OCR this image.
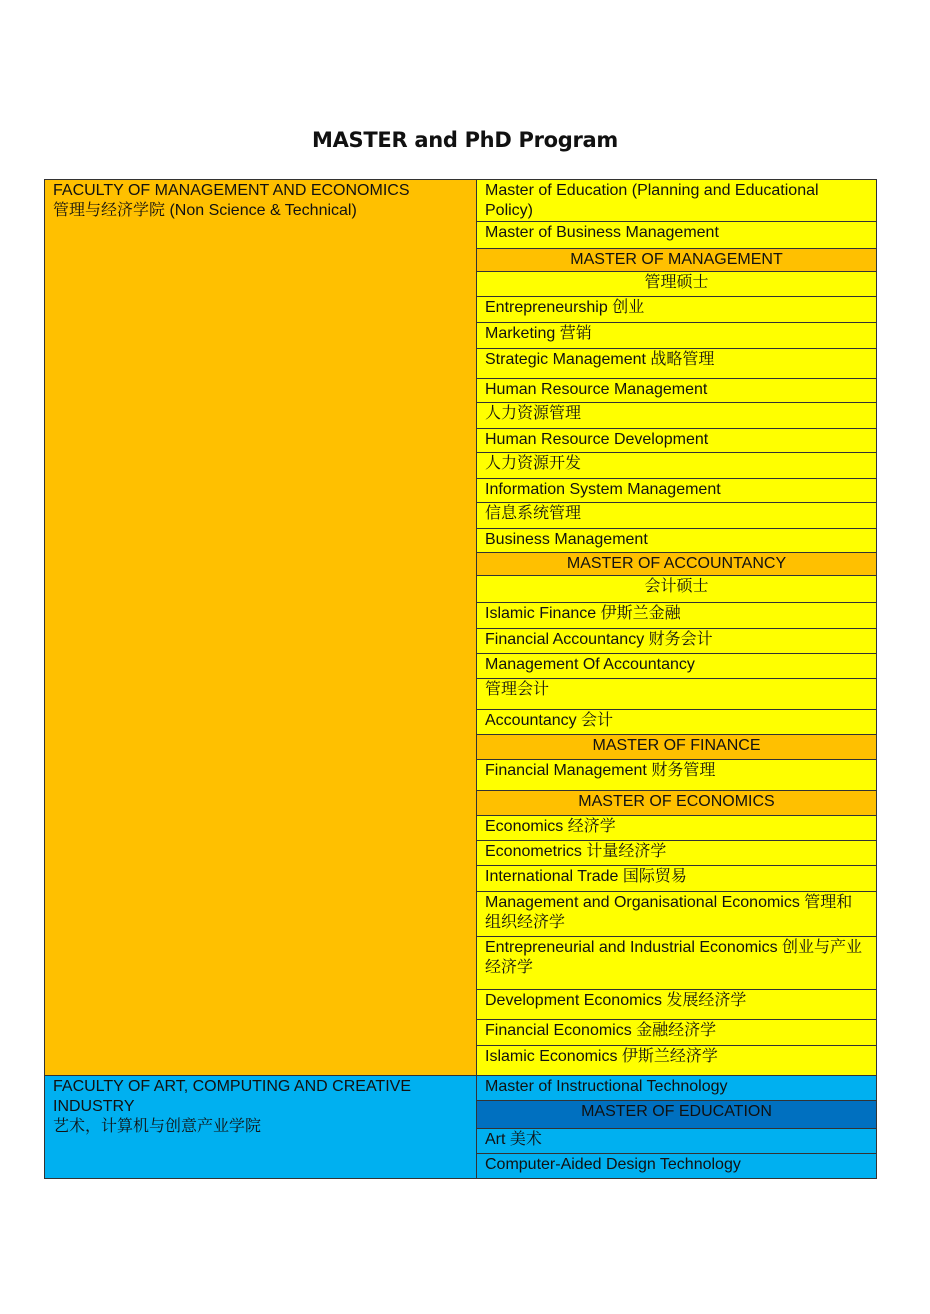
MASTER and PhD Program
FACULTY OF MANAGEMENT AND ECONOMICS
管理与经济学院 (Non Science & Technical)	Master of Education (Planning and Educational Policy)
	Master of Business Management
	MASTER OF MANAGEMENT
	管理硕士
	Entrepreneurship 创业
	Marketing 营销
	Strategic Management 战略管理
	Human Resource Management
	人力资源管理
	Human Resource Development
	人力资源开发
	Information System Management
	信息系统管理
	Business Management
	MASTER OF ACCOUNTANCY
	会计硕士
	Islamic Finance 伊斯兰金融
	Financial Accountancy 财务会计
	Management Of Accountancy
	管理会计
	Accountancy 会计
	MASTER OF FINANCE
	Financial Management 财务管理
	MASTER OF ECONOMICS
	Economics 经济学
	Econometrics 计量经济学
	International Trade 国际贸易
	Management and Organisational Economics 管理和组织经济学
	Entrepreneurial and Industrial Economics 创业与产业经济学
	Development Economics 发展经济学
	Financial Economics 金融经济学
	Islamic Economics 伊斯兰经济学

FACULTY OF ART, COMPUTING AND CREATIVE INDUSTRY
艺术，计算机与创意产业学院	Master of Instructional Technology
	MASTER OF EDUCATION
	Art 美术
	Computer-Aided Design Technology
